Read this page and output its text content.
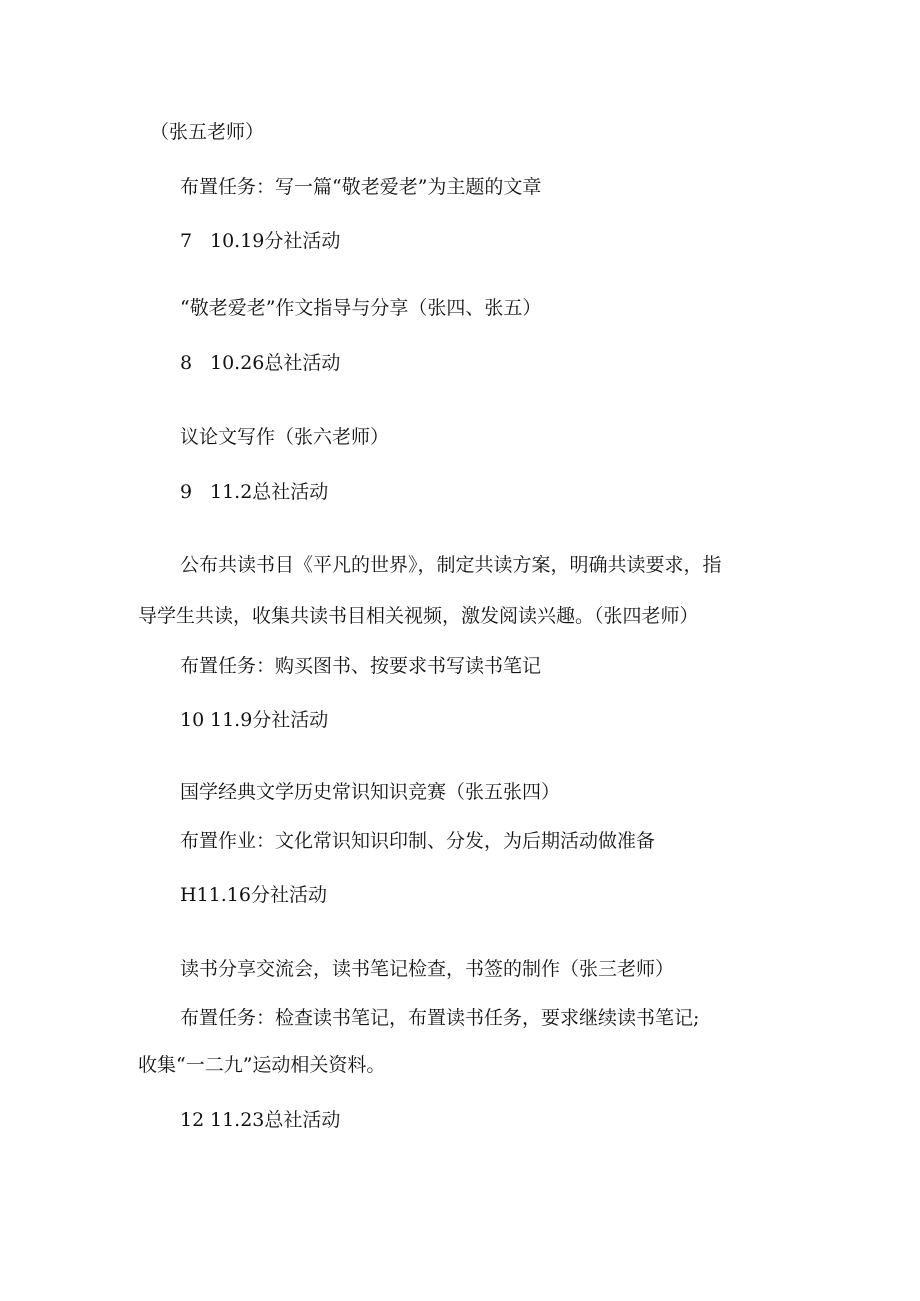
（张五老师）
布置任务：写一篇“敬老爱老”为主题的文章
7 10.19分社活动
“敬老爱老”作文指导与分享（张四、张五）
8 10.26总社活动
议论文写作（张六老师）
9 11.2总社活动
公布共读书目《平凡的世界》，制定共读方案，明确共读要求，指
导学生共读，收集共读书目相关视频，激发阅读兴趣。（张四老师）
布置任务：购买图书、按要求书写读书笔记
10 11.9分社活动
国学经典文学历史常识知识竞赛（张五张四）
布置作业：文化常识知识印制、分发，为后期活动做准备
H11.16分社活动
读书分享交流会，读书笔记检查，书签的制作（张三老师）
布置任务：检查读书笔记，布置读书任务，要求继续读书笔记;
收集“一二九”运动相关资料。
12 11.23总社活动
